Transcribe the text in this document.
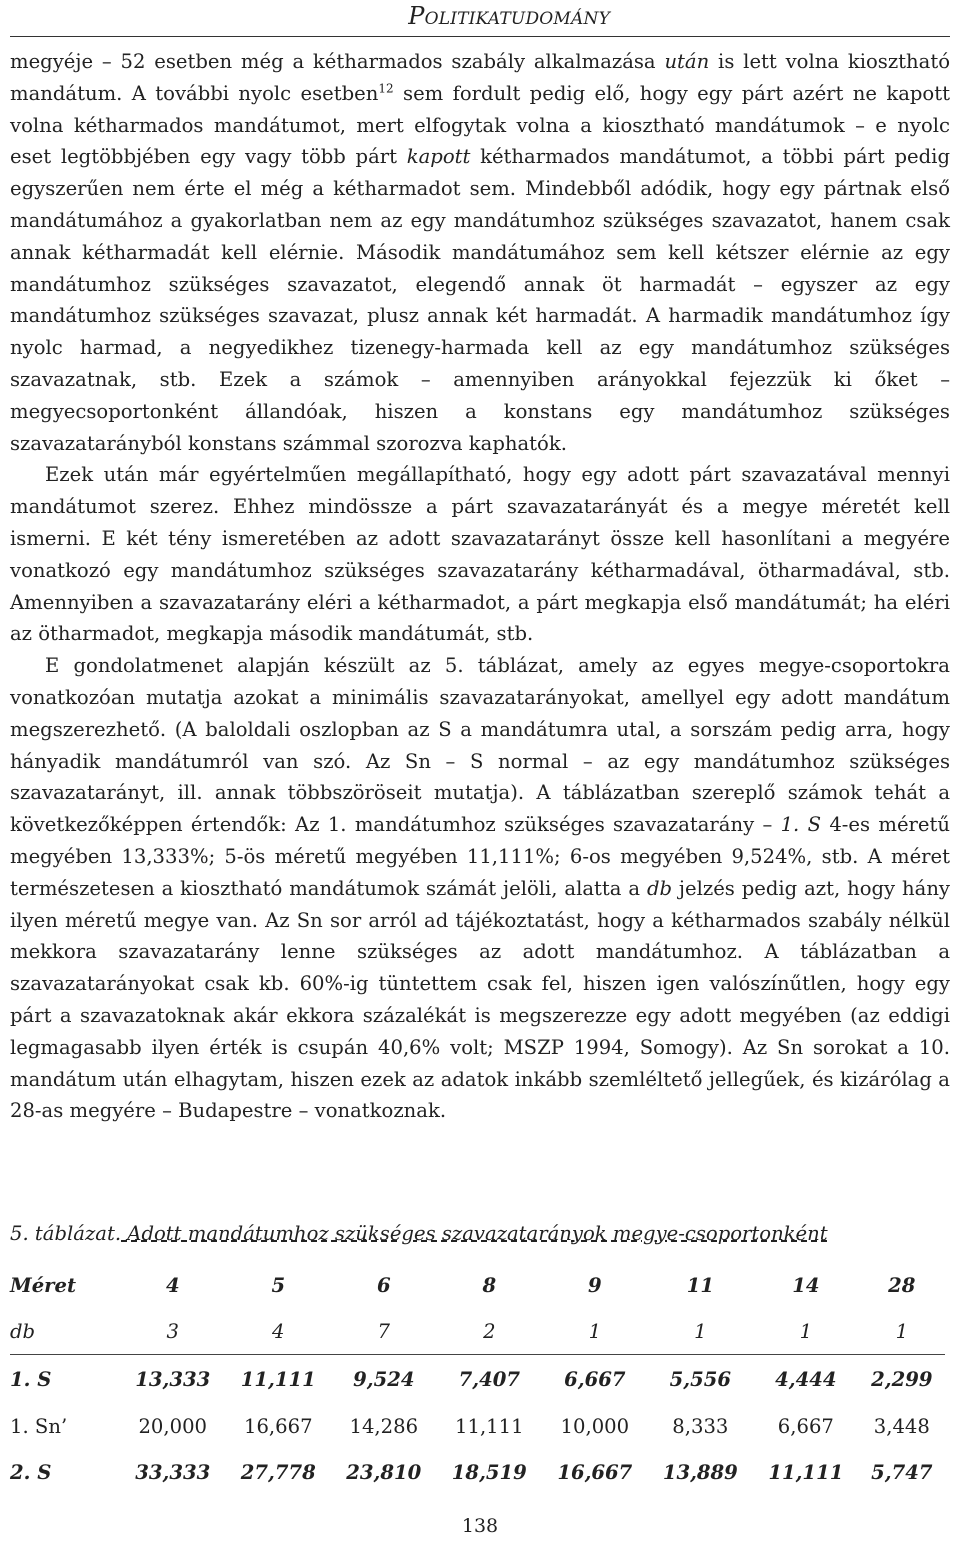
Politikatudomány

megyéje – 52 esetben még a kétharmados szabály alkalmazása után is lett volna kiosztható mandátum. A további nyolc esetben$^{12}$ sem fordult pedig elő, hogy egy párt azért ne kapott volna kétharmados mandátumot, mert elfogytak volna a kiosztható mandátumok – e nyolc eset legtöbbjében egy vagy több párt kapott kétharmados mandátumot, a többi párt pedig egyszerűen nem érte el még a kétharmadot sem. Mindebből adódik, hogy egy pártnak első mandátumához a gyakorlatban nem az egy mandátumhoz szükséges szavazatot, hanem csak annak kétharmadát kell elérnie. Második mandátumához sem kell kétszer elérnie az egy mandátumhoz szükséges szavazatot, elegendő annak öt harmadát – egyszer az egy mandátumhoz szükséges szavazat, plusz annak két harmadát. A harmadik mandátumhoz így nyolc harmad, a negyedikhez tizenegy-harmada kell az egy mandátumhoz szükséges szavazatnak, stb. Ezek a számok – amennyiben arányokkal fejezzük ki őket – megyecsoportonként állandóak, hiszen a konstans egy mandátumhoz szükséges szavazatarányból konstans számmal szorozva kaphatók.

Ezek után már egyértelműen megállapítható, hogy egy adott párt szavazatával mennyi mandátumot szerez. Ehhez mindössze a párt szavazatarányát és a megye méretét kell ismerni. E két tény ismeretében az adott szavazatarányt össze kell hasonlítani a megyére vonatkozó egy mandátumhoz szükséges szavazatarány kétharmadával, ötharmadával, stb. Amennyiben a szavazatarány eléri a kétharmadot, a párt megkapja első mandátumát; ha eléri az ötharmadot, megkapja második mandátumát, stb.

E gondolatmenet alapján készült az 5. táblázat, amely az egyes megye-csoportokra vonatkozóan mutatja azokat a minimális szavazatarányokat, amellyel egy adott mandátum megszerezhető. (A baloldali oszlopban az S a mandátumra utal, a sorszám pedig arra, hogy hányadik mandátumról van szó. Az Sn – S normal – az egy mandátumhoz szükséges szavazatarányt, ill. annak többszöröseit mutatja). A táblázatban szereplő számok tehát a következőképpen értendők: Az 1. mandátumhoz szükséges szavazatarány – 1. S 4-es méretű megyében 13,333%; 5-ös méretű megyében 11,111%; 6-os megyében 9,524%, stb. A méret természetesen a kiosztható mandátumok számát jelöli, alatta a db jelzés pedig azt, hogy hány ilyen méretű megye van. Az Sn sor arról ad tájékoztatást, hogy a kétharmados szabály nélkül mekkora szavazatarány lenne szükséges az adott mandátumhoz. A táblázatban a szavazatarányokat csak kb. 60%-ig tüntettem csak fel, hiszen igen valószínűtlen, hogy egy párt a szavazatoknak akár ekkora százalékát is megszerezze egy adott megyében (az eddigi legmagasabb ilyen érték is csupán 40,6% volt; MSZP 1994, Somogy). Az Sn sorokat a 10. mandátum után elhagytam, hiszen ezek az adatok inkább szemléltető jellegűek, és kizárólag a 28-as megyére – Budapestre – vonatkoznak.

5. táblázat. Adott mandátumhoz szükséges szavazatarányok megye-csoportonként
Méret	4	5	6	8	9	11	14	28
db	3	4	7	2	1	1	1	1
1. S	13,333	11,111	9,524	7,407	6,667	5,556	4,444	2,299
1. Sn’	20,000	16,667	14,286	11,111	10,000	8,333	6,667	3,448
2. S	33,333	27,778	23,810	18,519	16,667	13,889	11,111	5,747
138
